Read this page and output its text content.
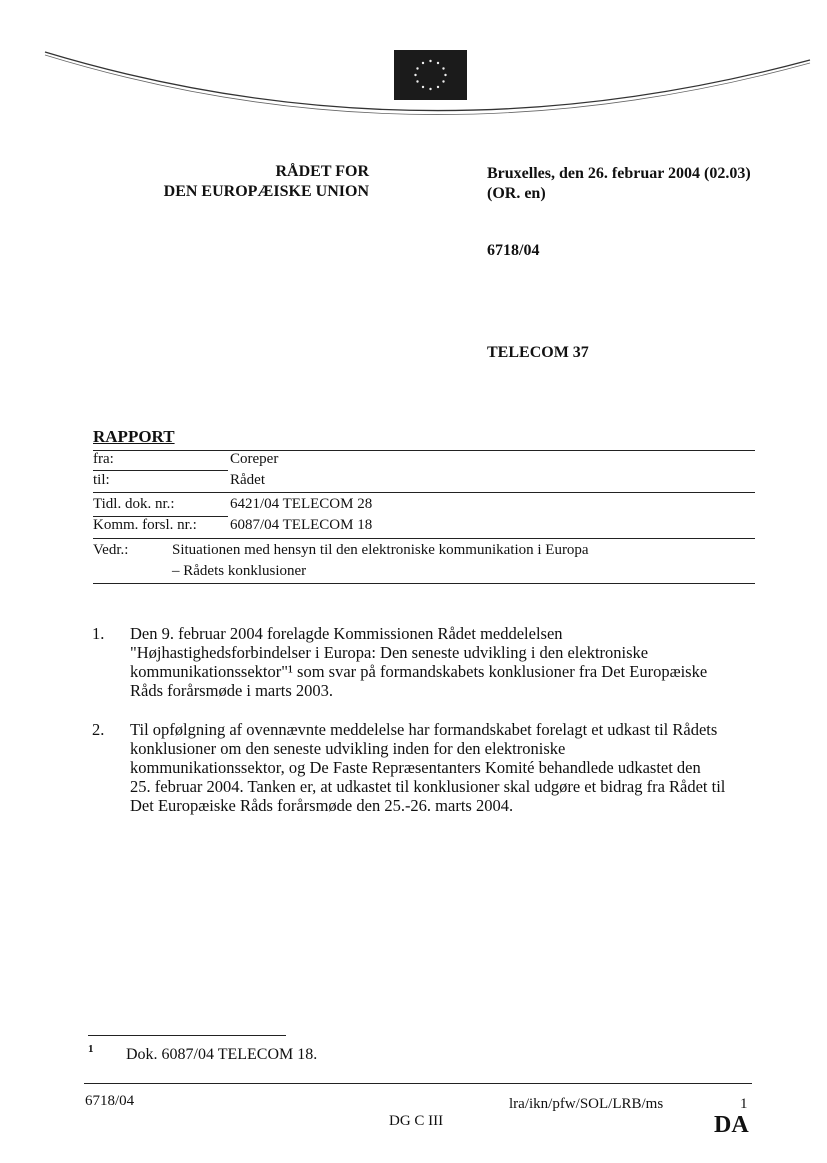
RÅDET FOR
DEN EUROPÆISKE UNION
Bruxelles, den 26. februar 2004 (02.03)
(OR. en)
6718/04
TELECOM 37
RAPPORT
fra:	Coreper
til:	Rådet
Tidl. dok. nr.:	6421/04 TELECOM 28
Komm. forsl. nr.: 6087/04 TELECOM 18
Vedr.:	Situationen med hensyn til den elektroniske kommunikation i Europa
– Rådets konklusioner
1. Den 9. februar 2004 forelagde Kommissionen Rådet meddelelsen
"Højhastighedsforbindelser i Europa: Den seneste udvikling i den elektroniske
kommunikationssektor"¹ som svar på formandskabets konklusioner fra Det Europæiske
Råds forårsmøde i marts 2003.
2. Til opfølgning af ovennævnte meddelelse har formandskabet forelagt et udkast til Rådets
konklusioner om den seneste udvikling inden for den elektroniske
kommunikationssektor, og De Faste Repræsentanters Komité behandlede udkastet den
25. februar 2004. Tanken er, at udkastet til konklusioner skal udgøre et bidrag fra Rådet til
Det Europæiske Råds forårsmøde den 25.-26. marts 2004.
1 Dok. 6087/04 TELECOM 18.
6718/04	lra/ikn/pfw/SOL/LRB/ms	1
DG C III	DA
